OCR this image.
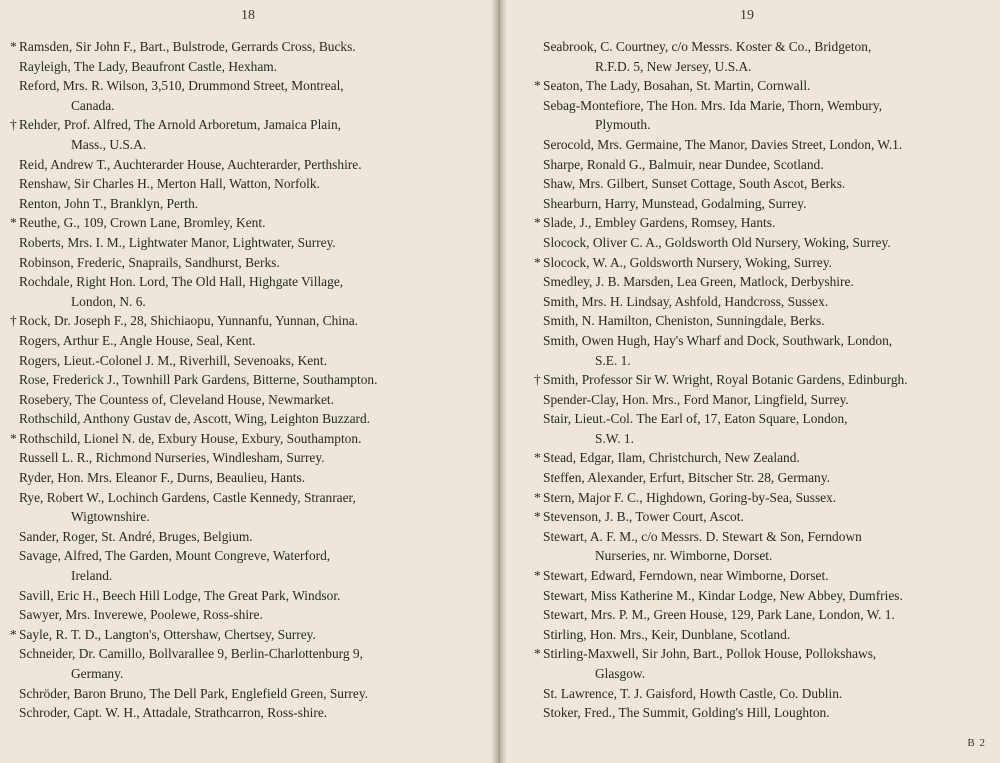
18
* Ramsden, Sir John F., Bart., Bulstrode, Gerrards Cross, Bucks.
Rayleigh, The Lady, Beaufront Castle, Hexham.
Reford, Mrs. R. Wilson, 3,510, Drummond Street, Montreal,
Canada.
† Rehder, Prof. Alfred, The Arnold Arboretum, Jamaica Plain,
Mass., U.S.A.
Reid, Andrew T., Auchterarder House, Auchterarder, Perthshire.
Renshaw, Sir Charles H., Merton Hall, Watton, Norfolk.
Renton, John T., Branklyn, Perth.
* Reuthe, G., 109, Crown Lane, Bromley, Kent.
Roberts, Mrs. I. M., Lightwater Manor, Lightwater, Surrey.
Robinson, Frederic, Snaprails, Sandhurst, Berks.
Rochdale, Right Hon. Lord, The Old Hall, Highgate Village,
London, N. 6.
† Rock, Dr. Joseph F., 28, Shichiaopu, Yunnanfu, Yunnan, China.
Rogers, Arthur E., Angle House, Seal, Kent.
Rogers, Lieut.-Colonel J. M., Riverhill, Sevenoaks, Kent.
Rose, Frederick J., Townhill Park Gardens, Bitterne, Southampton.
Rosebery, The Countess of, Cleveland House, Newmarket.
Rothschild, Anthony Gustav de, Ascott, Wing, Leighton Buzzard.
* Rothschild, Lionel N. de, Exbury House, Exbury, Southampton.
Russell L. R., Richmond Nurseries, Windlesham, Surrey.
Ryder, Hon. Mrs. Eleanor F., Durns, Beaulieu, Hants.
Rye, Robert W., Lochinch Gardens, Castle Kennedy, Stranraer,
Wigtownshire.
Sander, Roger, St. André, Bruges, Belgium.
Savage, Alfred, The Garden, Mount Congreve, Waterford,
Ireland.
Savill, Eric H., Beech Hill Lodge, The Great Park, Windsor.
Sawyer, Mrs. Inverewe, Poolewe, Ross-shire.
* Sayle, R. T. D., Langton's, Ottershaw, Chertsey, Surrey.
Schneider, Dr. Camillo, Bollvarallee 9, Berlin-Charlottenburg 9,
Germany.
Schröder, Baron Bruno, The Dell Park, Englefield Green, Surrey.
Schroder, Capt. W. H., Attadale, Strathcarron, Ross-shire.
19
Seabrook, C. Courtney, c/o Messrs. Koster & Co., Bridgeton,
R.F.D. 5, New Jersey, U.S.A.
* Seaton, The Lady, Bosahan, St. Martin, Cornwall.
Sebag-Montefiore, The Hon. Mrs. Ida Marie, Thorn, Wembury,
Plymouth.
Serocold, Mrs. Germaine, The Manor, Davies Street, London, W.1.
Sharpe, Ronald G., Balmuir, near Dundee, Scotland.
Shaw, Mrs. Gilbert, Sunset Cottage, South Ascot, Berks.
Shearburn, Harry, Munstead, Godalming, Surrey.
* Slade, J., Embley Gardens, Romsey, Hants.
Slocock, Oliver C. A., Goldsworth Old Nursery, Woking, Surrey.
* Slocock, W. A., Goldsworth Nursery, Woking, Surrey.
Smedley, J. B. Marsden, Lea Green, Matlock, Derbyshire.
Smith, Mrs. H. Lindsay, Ashfold, Handcross, Sussex.
Smith, N. Hamilton, Cheniston, Sunningdale, Berks.
Smith, Owen Hugh, Hay's Wharf and Dock, Southwark, London,
S.E. 1.
† Smith, Professor Sir W. Wright, Royal Botanic Gardens, Edinburgh.
Spender-Clay, Hon. Mrs., Ford Manor, Lingfield, Surrey.
Stair, Lieut.-Col. The Earl of, 17, Eaton Square, London,
S.W. 1.
* Stead, Edgar, Ilam, Christchurch, New Zealand.
Steffen, Alexander, Erfurt, Bitscher Str. 28, Germany.
* Stern, Major F. C., Highdown, Goring-by-Sea, Sussex.
* Stevenson, J. B., Tower Court, Ascot.
Stewart, A. F. M., c/o Messrs. D. Stewart & Son, Ferndown
Nurseries, nr. Wimborne, Dorset.
* Stewart, Edward, Ferndown, near Wimborne, Dorset.
Stewart, Miss Katherine M., Kindar Lodge, New Abbey, Dumfries.
Stewart, Mrs. P. M., Green House, 129, Park Lane, London, W. 1.
Stirling, Hon. Mrs., Keir, Dunblane, Scotland.
* Stirling-Maxwell, Sir John, Bart., Pollok House, Pollokshaws,
Glasgow.
St. Lawrence, T. J. Gaisford, Howth Castle, Co. Dublin.
Stoker, Fred., The Summit, Golding's Hill, Loughton.
B 2
